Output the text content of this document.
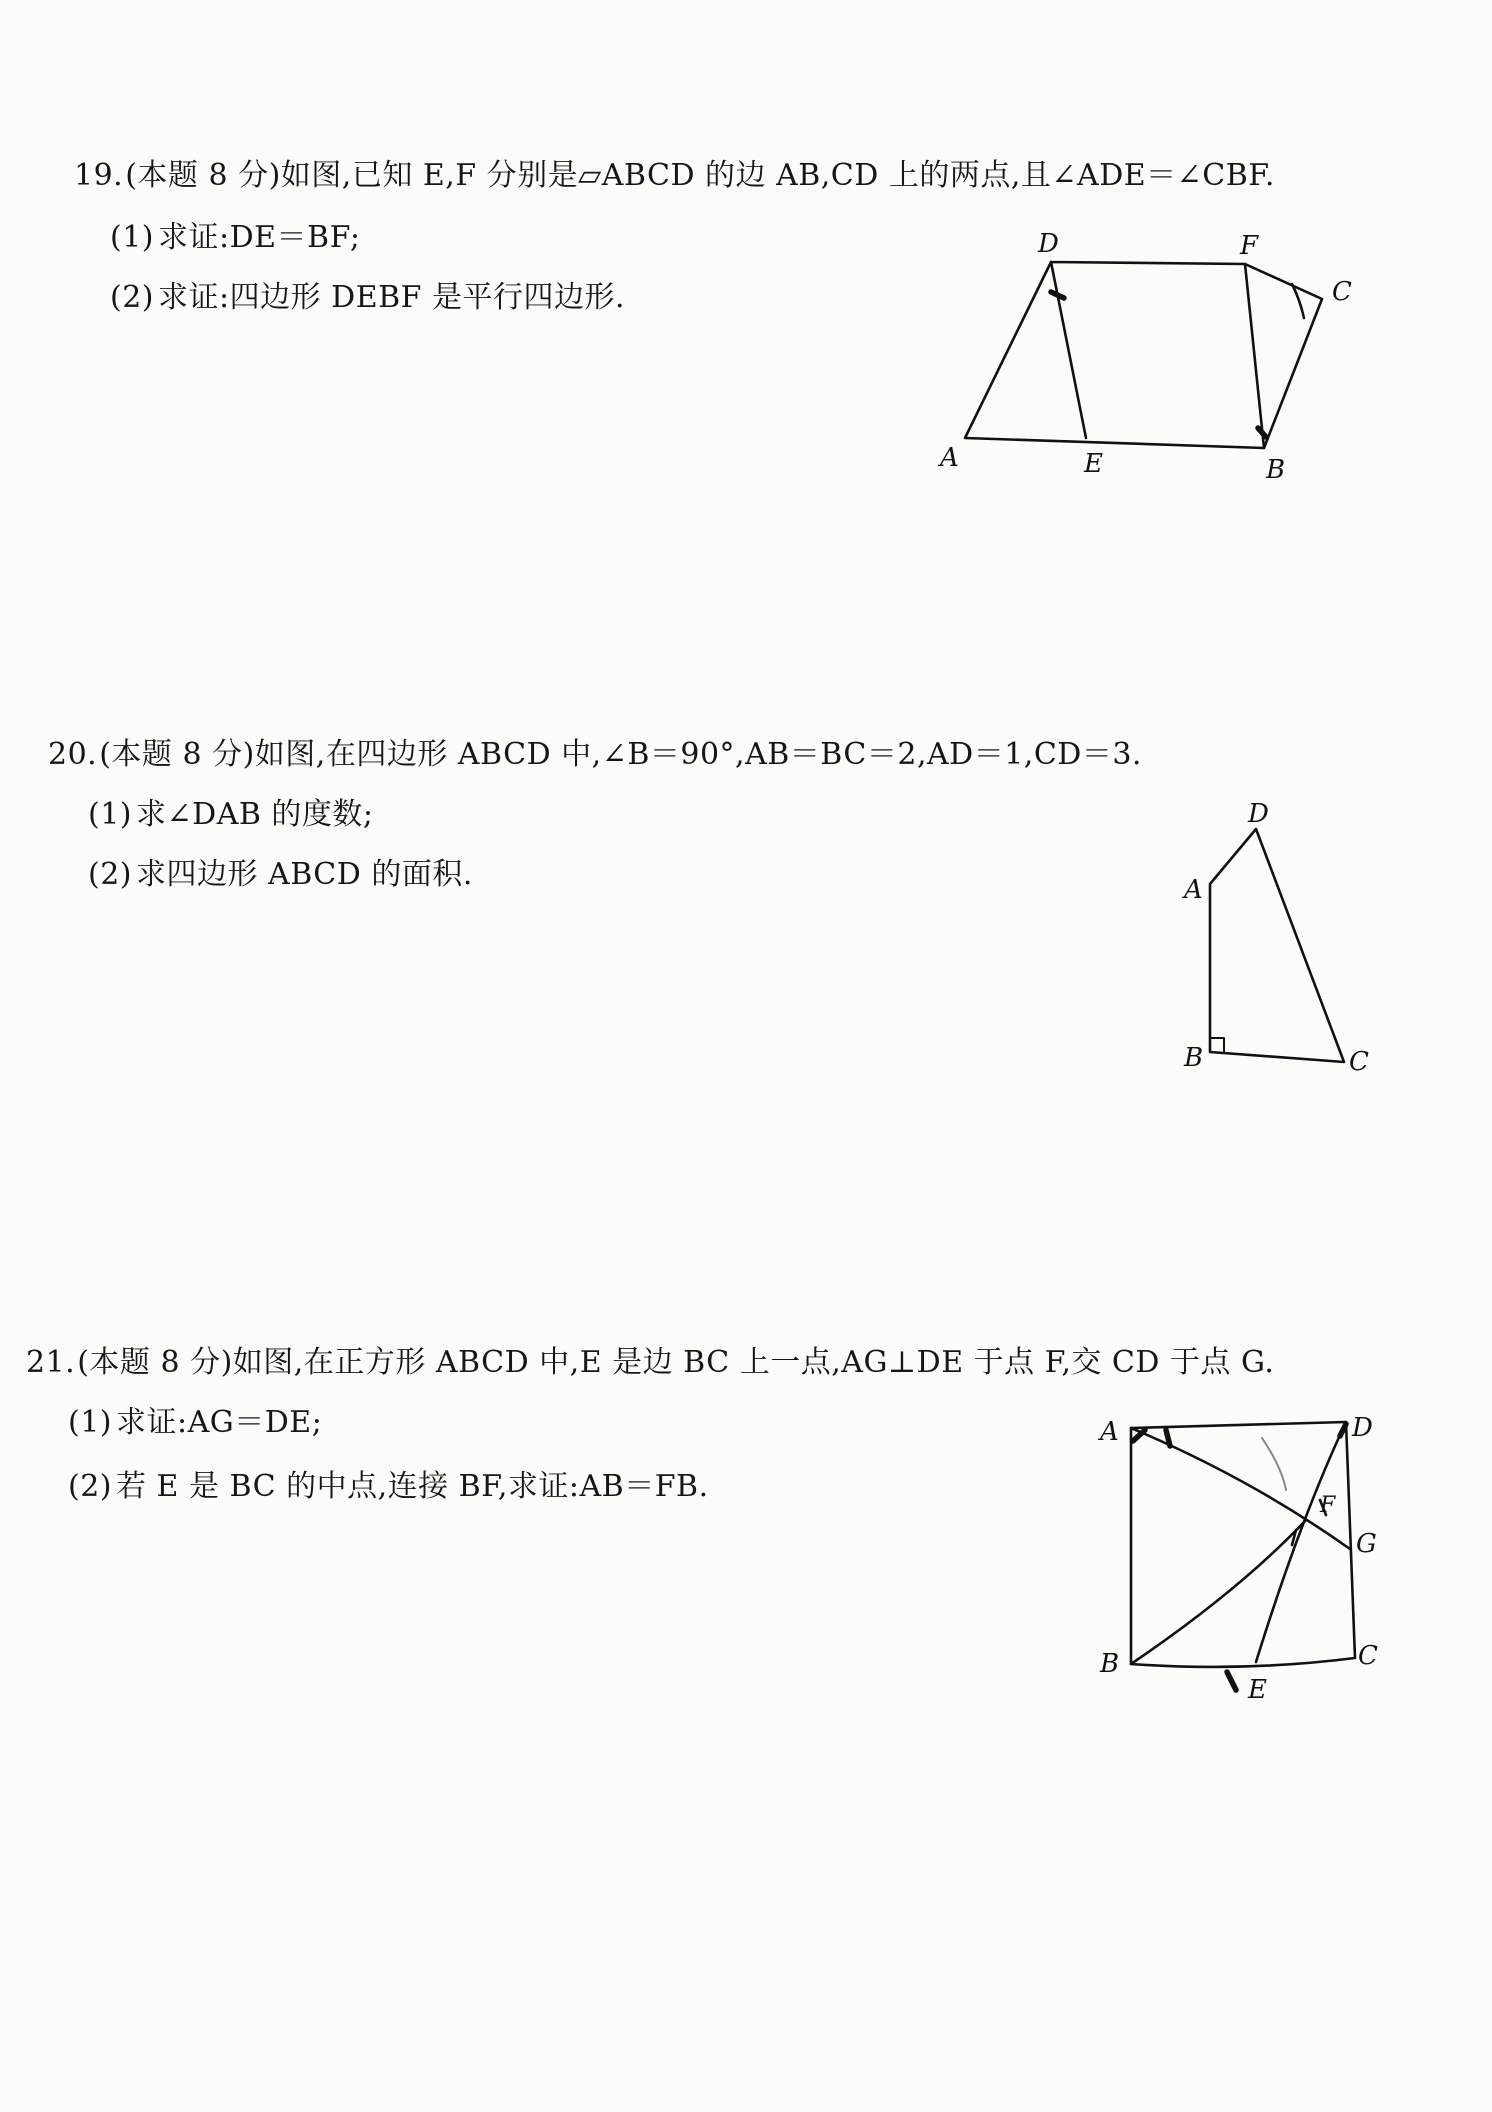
19.(本题 8 分)如图,已知 E,F 分别是▱ABCD 的边 AB,CD 上的两点,且∠ADE＝∠CBF.
(1) 求证:DE＝BF;
(2) 求证:四边形 DEBF 是平行四边形.
D	F
C
A	E	B
20.(本题 8 分)如图,在四边形 ABCD 中,∠B＝90°,AB＝BC＝2,AD＝1,CD＝3.
(1) 求∠DAB 的度数;
(2) 求四边形 ABCD 的面积.
D
A
B	C
21.(本题 8 分)如图,在正方形 ABCD 中,E 是边 BC 上一点,AG⊥DE 于点 F,交 CD 于点 G.
(1) 求证:AG＝DE;
(2) 若 E 是 BC 的中点,连接 BF,求证:AB＝FB.
A	D
F
G
B	C
E
